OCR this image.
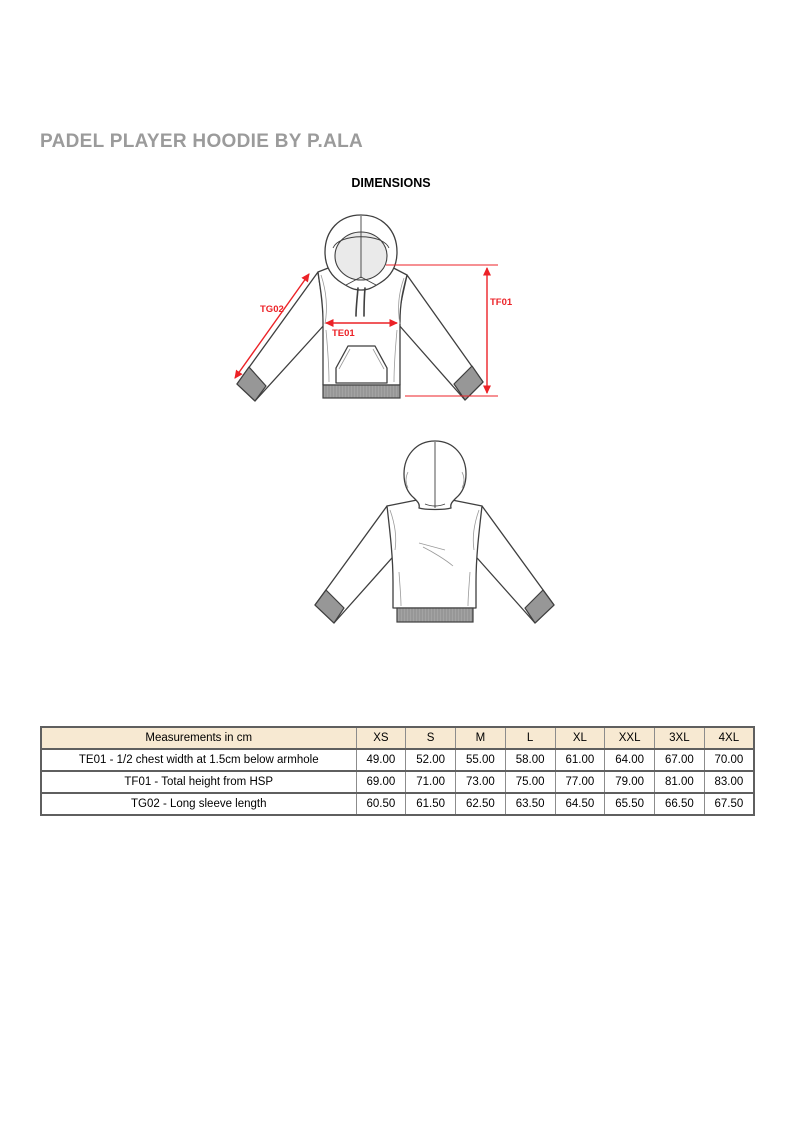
PADEL PLAYER HOODIE BY P.ALA
DIMENSIONS
TG02
TE01
TF01
Measurements in cm	XS	S	M	L	XL	XXL	3XL	4XL
TE01 - 1/2 chest width at 1.5cm below armhole	49.00	52.00	55.00	58.00	61.00	64.00	67.00	70.00
TF01 - Total height from HSP	69.00	71.00	73.00	75.00	77.00	79.00	81.00	83.00
TG02 - Long sleeve length	60.50	61.50	62.50	63.50	64.50	65.50	66.50	67.50
